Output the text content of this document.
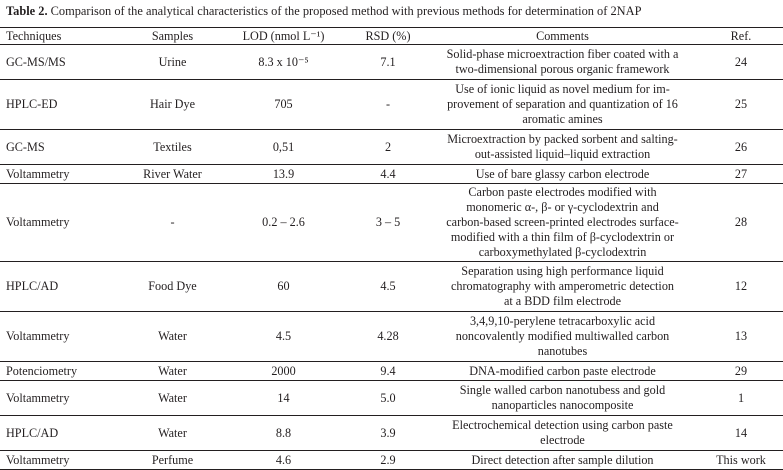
Table 2. Comparison of the analytical characteristics of the proposed method with previous methods for determination of 2NAP
Techniques	Samples	LOD (nmol L⁻¹)	RSD (%)	Comments	Ref.
GC-MS/MS	Urine	8.3 x 10⁻⁵	7.1	Solid-phase microextraction fiber coated with a
two-dimensional porous organic framework	24
HPLC-ED	Hair Dye	705	-	Use of ionic liquid as novel medium for im-
provement of separation and quantization of 16
aromatic amines	25
GC-MS	Textiles	0,51	2	Microextraction by packed sorbent and salting-
out-assisted liquid–liquid extraction	26
Voltammetry	River Water	13.9	4.4	Use of bare glassy carbon electrode	27
Voltammetry	-	0.2 – 2.6	3 – 5	Carbon paste electrodes modified with
monomeric α-, β- or γ-cyclodextrin and
carbon-based screen-printed electrodes surface-
modified with a thin film of β-cyclodextrin or
carboxymethylated β-cyclodextrin	28
HPLC/AD	Food Dye	60	4.5	Separation using high performance liquid
chromatography with amperometric detection
at a BDD film electrode	12
Voltammetry	Water	4.5	4.28	3,4,9,10-perylene tetracarboxylic acid
noncovalently modified multiwalled carbon
nanotubes	13
Potenciometry	Water	2000	9.4	DNA-modified carbon paste electrode	29
Voltammetry	Water	14	5.0	Single walled carbon nanotubess and gold
nanoparticles nanocomposite	1
HPLC/AD	Water	8.8	3.9	Electrochemical detection using carbon paste
electrode	14
Voltammetry	Perfume	4.6	2.9	Direct detection after sample dilution	This work
